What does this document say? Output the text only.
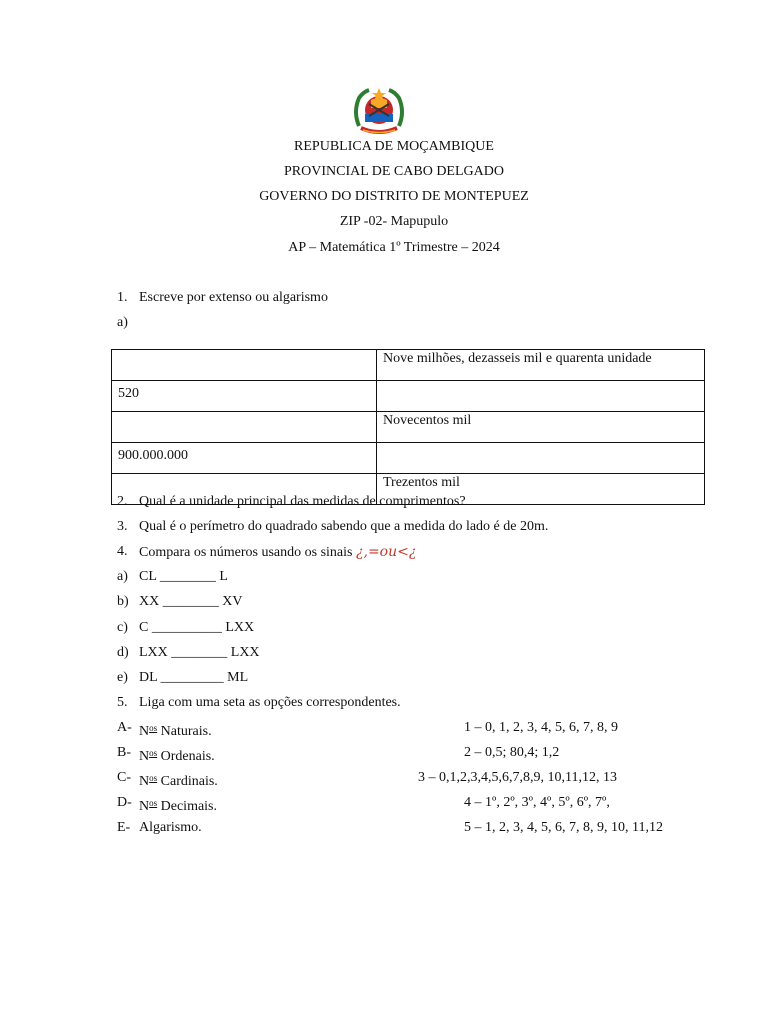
REPUBLICA DE MOÇAMBIQUE
PROVINCIAL DE CABO DELGADO
GOVERNO DO DISTRITO DE MONTEPUEZ
ZIP -02- Mapupulo
AP – Matemática 1º Trimestre – 2024
1. Escreve por extenso ou algarismo
a)
	Nove milhões, dezasseis mil e quarenta unidade
520	
	Novecentos mil
900.000.000	
	Trezentos mil
2. Qual é a unidade principal das medidas de comprimentos?
3. Qual é o perímetro do quadrado sabendo que a medida do lado é de 20m.
4. Compara os números usando os sinais ¿,=ou<¿
a) CL ________ L
b) XX ________ XV
c) C __________ LXX
d) LXX ________ LXX
e) DL _________ ML
5. Liga com uma seta as opções correspondentes.
A- $N^{os}$ Naturais.	1 – 0, 1, 2, 3, 4, 5, 6, 7, 8, 9
B- $N^{os}$ Ordenais.	2 – 0,5; 80,4; 1,2
C- $N^{os}$ Cardinais.	3 – 0,1,2,3,4,5,6,7,8,9, 10,11,12, 13
D- $N^{os}$ Decimais.	4 – 1º, 2º, 3º, 4º, 5º, 6º, 7º,
E- Algarismo.	5 – 1, 2, 3, 4, 5, 6, 7, 8, 9, 10, 11,12
